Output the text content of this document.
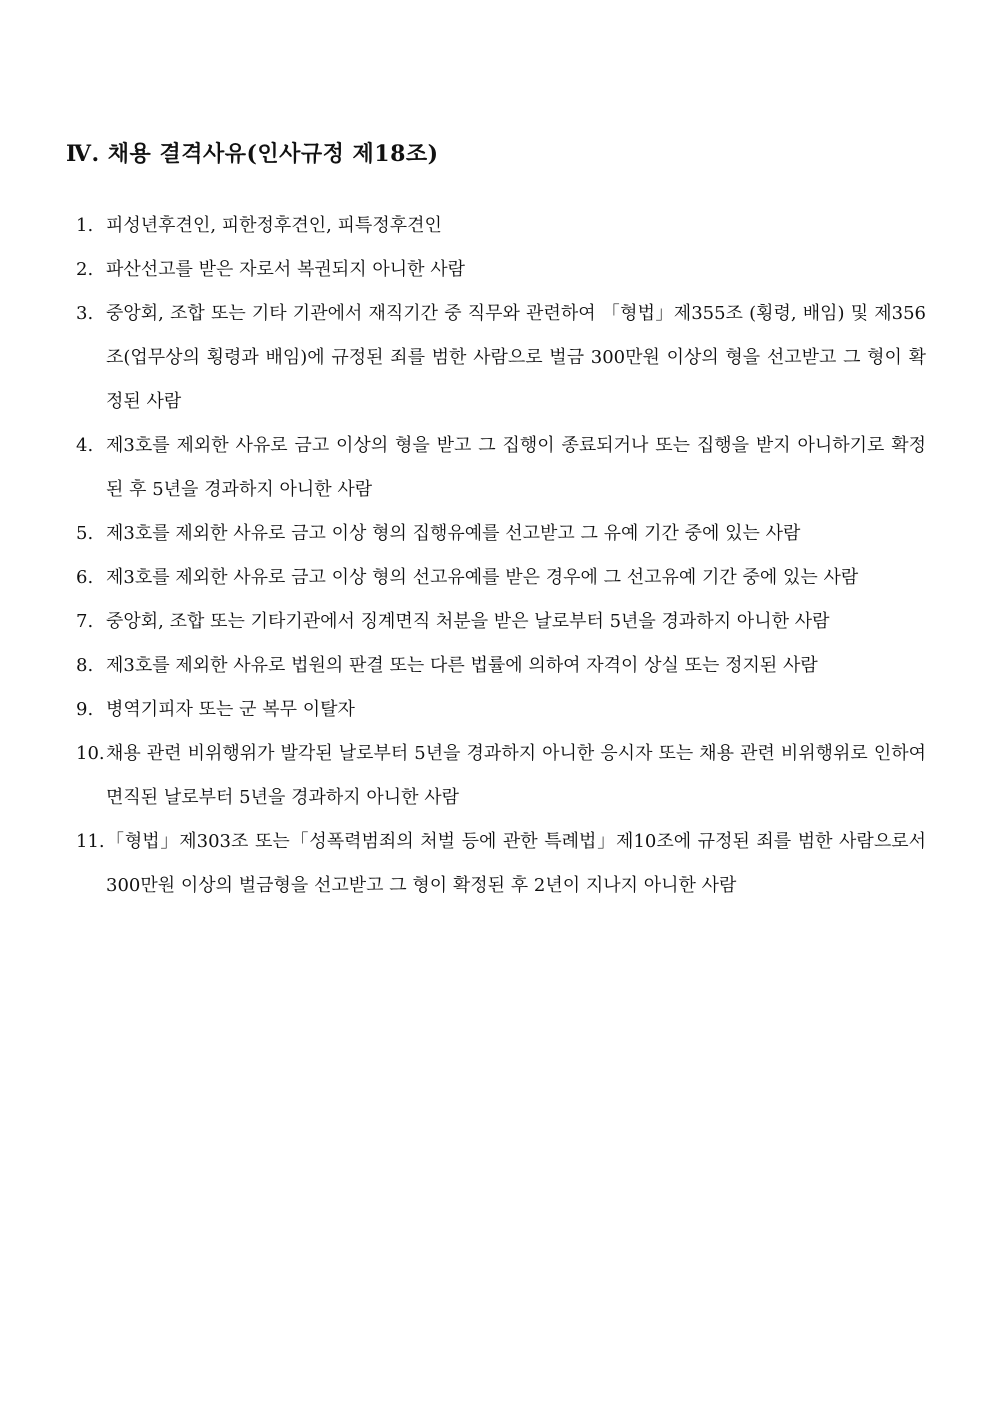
Ⅳ. 채용 결격사유(인사규정 제18조)
1. 피성년후견인, 피한정후견인, 피특정후견인
2. 파산선고를 받은 자로서 복권되지 아니한 사람
3. 중앙회, 조합 또는 기타 기관에서 재직기간 중 직무와 관련하여 「형법」제355조 (횡령, 배임) 및 제356조(업무상의 횡령과 배임)에 규정된 죄를 범한 사람으로 벌금 300만원 이상의 형을 선고받고 그 형이 확정된 사람
4. 제3호를 제외한 사유로 금고 이상의 형을 받고 그 집행이 종료되거나 또는 집행을 받지 아니하기로 확정된 후 5년을 경과하지 아니한 사람
5. 제3호를 제외한 사유로 금고 이상 형의 집행유예를 선고받고 그 유예 기간 중에 있는 사람
6. 제3호를 제외한 사유로 금고 이상 형의 선고유예를 받은 경우에 그 선고유예 기간 중에 있는 사람
7. 중앙회, 조합 또는 기타기관에서 징계면직 처분을 받은 날로부터 5년을 경과하지 아니한 사람
8. 제3호를 제외한 사유로 법원의 판결 또는 다른 법률에 의하여 자격이 상실 또는 정지된 사람
9. 병역기피자 또는 군 복무 이탈자
10. 채용 관련 비위행위가 발각된 날로부터 5년을 경과하지 아니한 응시자 또는 채용 관련 비위행위로 인하여 면직된 날로부터 5년을 경과하지 아니한 사람
11. 「형법」제303조 또는「성폭력범죄의 처벌 등에 관한 특례법」제10조에 규정된 죄를 범한 사람으로서 300만원 이상의 벌금형을 선고받고 그 형이 확정된 후 2년이 지나지 아니한 사람
